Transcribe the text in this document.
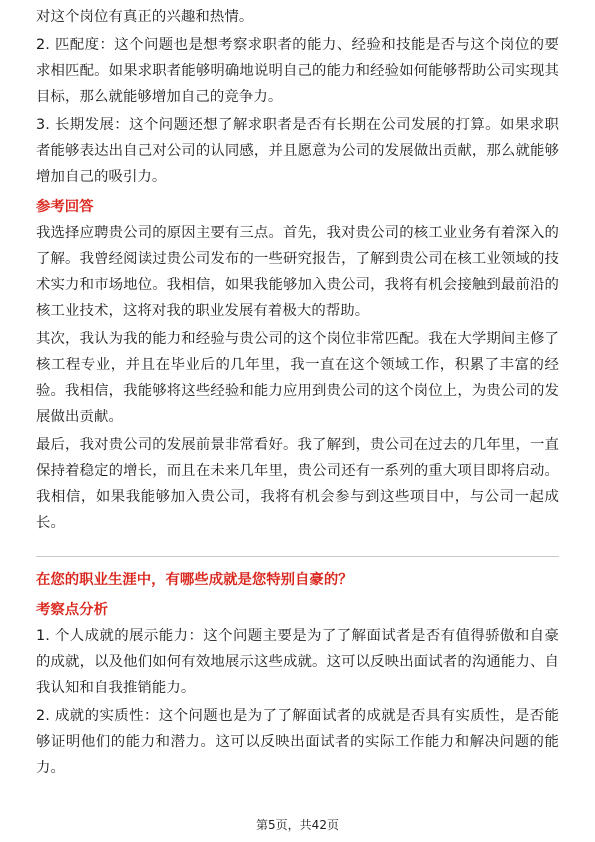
对这个岗位有真正的兴趣和热情。

2. 匹配度：这个问题也是想考察求职者的能力、经验和技能是否与这个岗位的要求相匹配。如果求职者能够明确地说明自己的能力和经验如何能够帮助公司实现其目标，那么就能够增加自己的竞争力。

3. 长期发展：这个问题还想了解求职者是否有长期在公司发展的打算。如果求职者能够表达出自己对公司的认同感，并且愿意为公司的发展做出贡献，那么就能够增加自己的吸引力。

参考回答

我选择应聘贵公司的原因主要有三点。首先，我对贵公司的核工业业务有着深入的了解。我曾经阅读过贵公司发布的一些研究报告，了解到贵公司在核工业领域的技术实力和市场地位。我相信，如果我能够加入贵公司，我将有机会接触到最前沿的核工业技术，这将对我的职业发展有着极大的帮助。

其次，我认为我的能力和经验与贵公司的这个岗位非常匹配。我在大学期间主修了核工程专业，并且在毕业后的几年里，我一直在这个领域工作，积累了丰富的经验。我相信，我能够将这些经验和能力应用到贵公司的这个岗位上，为贵公司的发展做出贡献。

最后，我对贵公司的发展前景非常看好。我了解到，贵公司在过去的几年里，一直保持着稳定的增长，而且在未来几年里，贵公司还有一系列的重大项目即将启动。我相信，如果我能够加入贵公司，我将有机会参与到这些项目中，与公司一起成长。

在您的职业生涯中，有哪些成就是您特别自豪的？
考察点分析

1. 个人成就的展示能力：这个问题主要是为了了解面试者是否有值得骄傲和自豪的成就，以及他们如何有效地展示这些成就。这可以反映出面试者的沟通能力、自我认知和自我推销能力。

2. 成就的实质性：这个问题也是为了了解面试者的成就是否具有实质性，是否能够证明他们的能力和潜力。这可以反映出面试者的实际工作能力和解决问题的能力。

第5页，共42页
